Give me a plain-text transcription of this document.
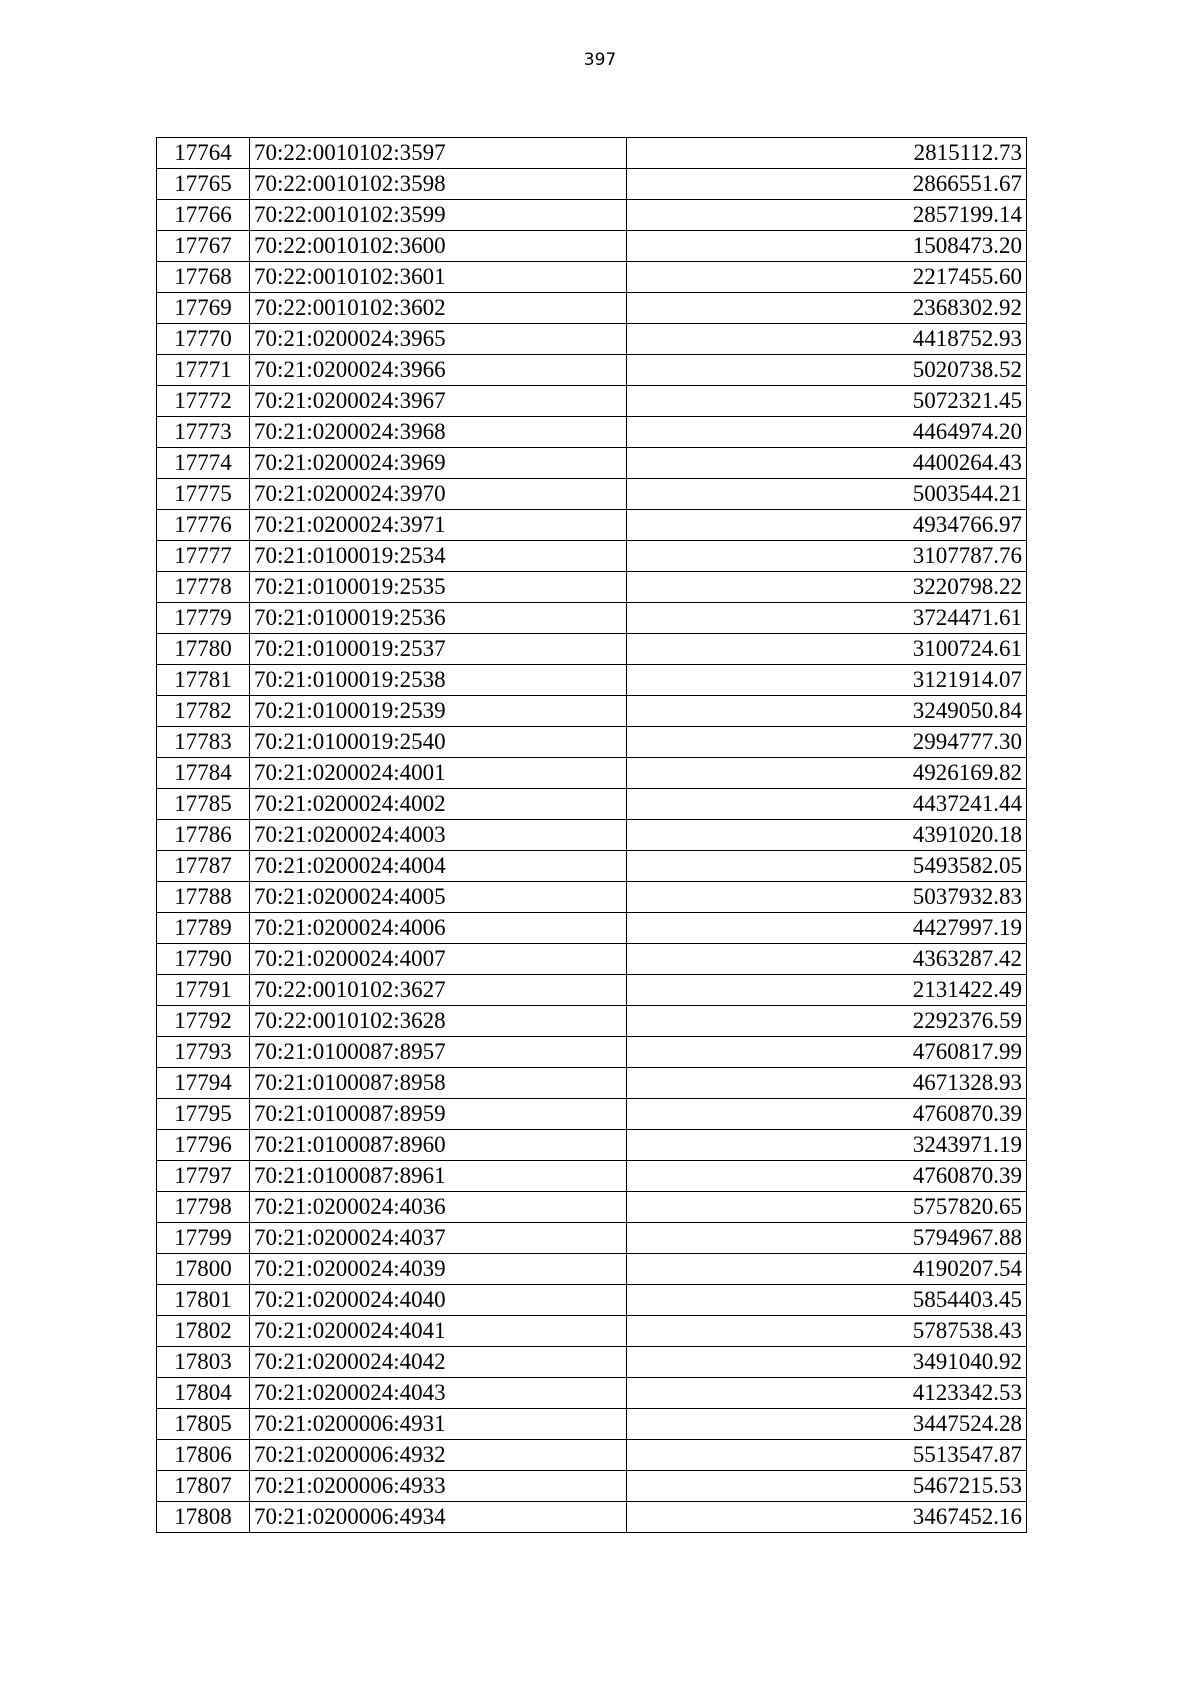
397
17764	70:22:0010102:3597	2815112.73
17765	70:22:0010102:3598	2866551.67
17766	70:22:0010102:3599	2857199.14
17767	70:22:0010102:3600	1508473.20
17768	70:22:0010102:3601	2217455.60
17769	70:22:0010102:3602	2368302.92
17770	70:21:0200024:3965	4418752.93
17771	70:21:0200024:3966	5020738.52
17772	70:21:0200024:3967	5072321.45
17773	70:21:0200024:3968	4464974.20
17774	70:21:0200024:3969	4400264.43
17775	70:21:0200024:3970	5003544.21
17776	70:21:0200024:3971	4934766.97
17777	70:21:0100019:2534	3107787.76
17778	70:21:0100019:2535	3220798.22
17779	70:21:0100019:2536	3724471.61
17780	70:21:0100019:2537	3100724.61
17781	70:21:0100019:2538	3121914.07
17782	70:21:0100019:2539	3249050.84
17783	70:21:0100019:2540	2994777.30
17784	70:21:0200024:4001	4926169.82
17785	70:21:0200024:4002	4437241.44
17786	70:21:0200024:4003	4391020.18
17787	70:21:0200024:4004	5493582.05
17788	70:21:0200024:4005	5037932.83
17789	70:21:0200024:4006	4427997.19
17790	70:21:0200024:4007	4363287.42
17791	70:22:0010102:3627	2131422.49
17792	70:22:0010102:3628	2292376.59
17793	70:21:0100087:8957	4760817.99
17794	70:21:0100087:8958	4671328.93
17795	70:21:0100087:8959	4760870.39
17796	70:21:0100087:8960	3243971.19
17797	70:21:0100087:8961	4760870.39
17798	70:21:0200024:4036	5757820.65
17799	70:21:0200024:4037	5794967.88
17800	70:21:0200024:4039	4190207.54
17801	70:21:0200024:4040	5854403.45
17802	70:21:0200024:4041	5787538.43
17803	70:21:0200024:4042	3491040.92
17804	70:21:0200024:4043	4123342.53
17805	70:21:0200006:4931	3447524.28
17806	70:21:0200006:4932	5513547.87
17807	70:21:0200006:4933	5467215.53
17808	70:21:0200006:4934	3467452.16
